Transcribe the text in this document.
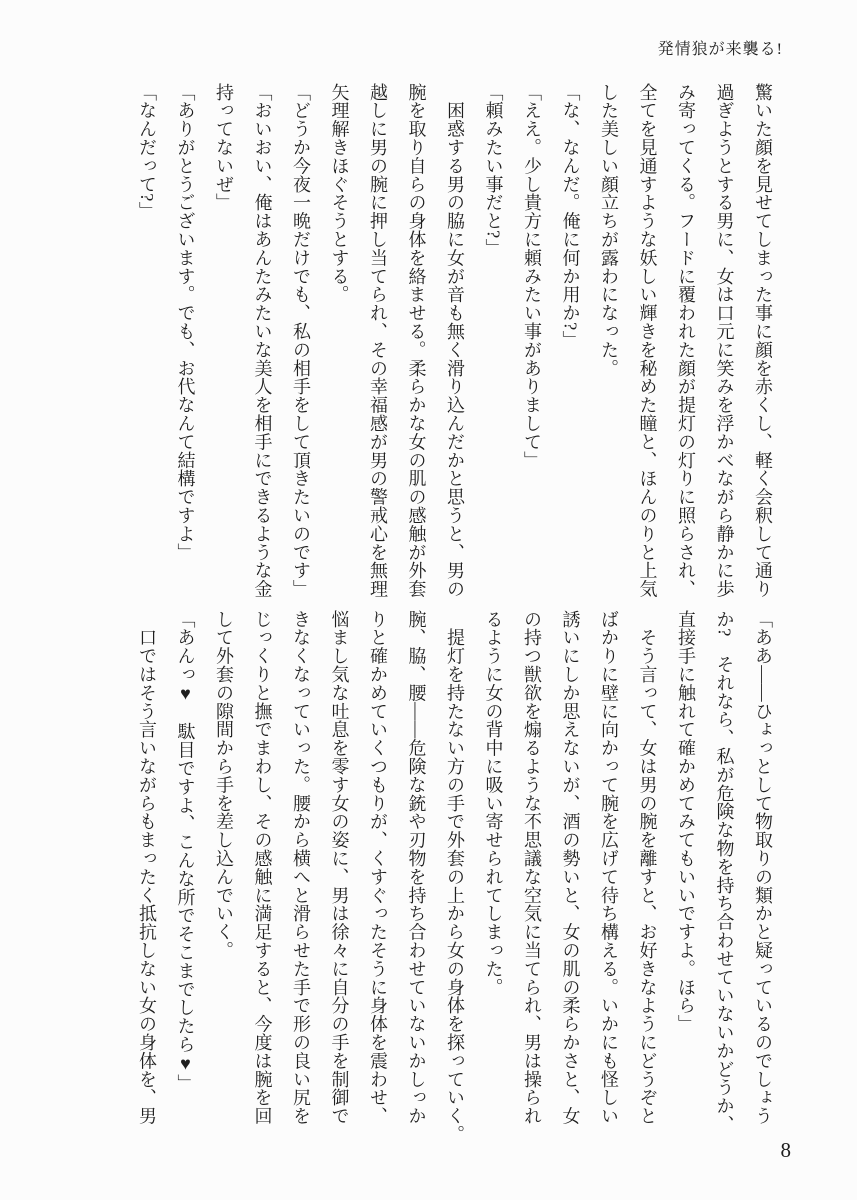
発情狼が来襲る!
驚いた顔を見せてしまった事に顔を赤くし、軽く会釈して通り
過ぎようとする男に、女は口元に笑みを浮かべながら静かに歩
み寄ってくる。フードに覆われた顔が提灯の灯りに照らされ、
全てを見通すような妖しい輝きを秘めた瞳と、ほんのりと上気
した美しい顔立ちが露わになった。
「な、なんだ。俺に何か用か?」
「ええ。少し貴方に頼みたい事がありまして」
「頼みたい事だと?」
　困惑する男の脇に女が音も無く滑り込んだかと思うと、男の
腕を取り自らの身体を絡ませる。柔らかな女の肌の感触が外套
越しに男の腕に押し当てられ、その幸福感が男の警戒心を無理
矢理解きほぐそうとする。
「どうか今夜一晩だけでも、私の相手をして頂きたいのです」
「おいおい、俺はあんたみたいな美人を相手にできるような金
持ってないぜ」
「ありがとうございます。でも、お代なんて結構ですよ」
「なんだって?」
「ああ——ひょっとして物取りの類かと疑っているのでしょう
か?　それなら、私が危険な物を持ち合わせていないかどうか、
直接手に触れて確かめてみてもいいですよ。ほら」
　そう言って、女は男の腕を離すと、お好きなようにどうぞと
ばかりに壁に向かって腕を広げて待ち構える。いかにも怪しい
誘いにしか思えないが、酒の勢いと、女の肌の柔らかさと、女
の持つ獣欲を煽るような不思議な空気に当てられ、男は操られ
るように女の背中に吸い寄せられてしまった。
　提灯を持たない方の手で外套の上から女の身体を探っていく。
腕、脇、腰——危険な銃や刃物を持ち合わせていないかしっか
りと確かめていくつもりが、くすぐったそうに身体を震わせ、
悩まし気な吐息を零す女の姿に、男は徐々に自分の手を制御で
きなくなっていった。腰から横へと滑らせた手で形の良い尻を
じっくりと撫でまわし、その感触に満足すると、今度は腕を回
して外套の隙間から手を差し込んでいく。
「あんっ♥　駄目ですよ、こんな所でそこまでしたら♥」
　口ではそう言いながらもまったく抵抗しない女の身体を、男
8
